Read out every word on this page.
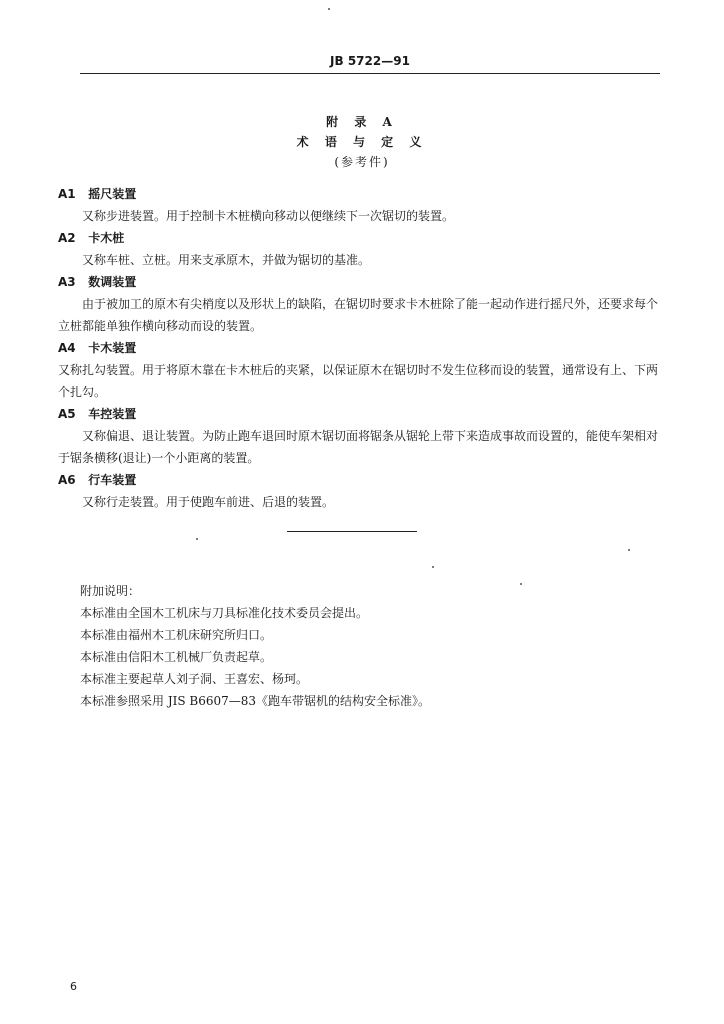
JB 5722—91
附 录 A
术 语 与 定 义
(参考件)
A1 摇尺装置

又称步进装置。用于控制卡木桩横向移动以便继续下一次锯切的装置。

A2 卡木桩

又称车桩、立桩。用来支承原木，并做为锯切的基准。

A3 数调装置

由于被加工的原木有尖梢度以及形状上的缺陷，在锯切时要求卡木桩除了能一起动作进行摇尺外，还要求每个立桩都能单独作横向移动而设的装置。

A4 卡木装置

又称扎勾装置。用于将原木靠在卡木桩后的夹紧，以保证原木在锯切时不发生位移而设的装置，通常设有上、下两个扎勾。

A5 车控装置

又称偏退、退让装置。为防止跑车退回时原木锯切面将锯条从锯轮上带下来造成事故而设置的，能使车架相对于锯条横移(退让)一个小距离的装置。

A6 行车装置

又称行走装置。用于使跑车前进、后退的装置。

附加说明：
本标准由全国木工机床与刀具标准化技术委员会提出。
本标准由福州木工机床研究所归口。
本标准由信阳木工机械厂负责起草。
本标准主要起草人刘子洞、王喜宏、杨珂。
本标准参照采用 JIS B6607—83《跑车带锯机的结构安全标准》。
6
